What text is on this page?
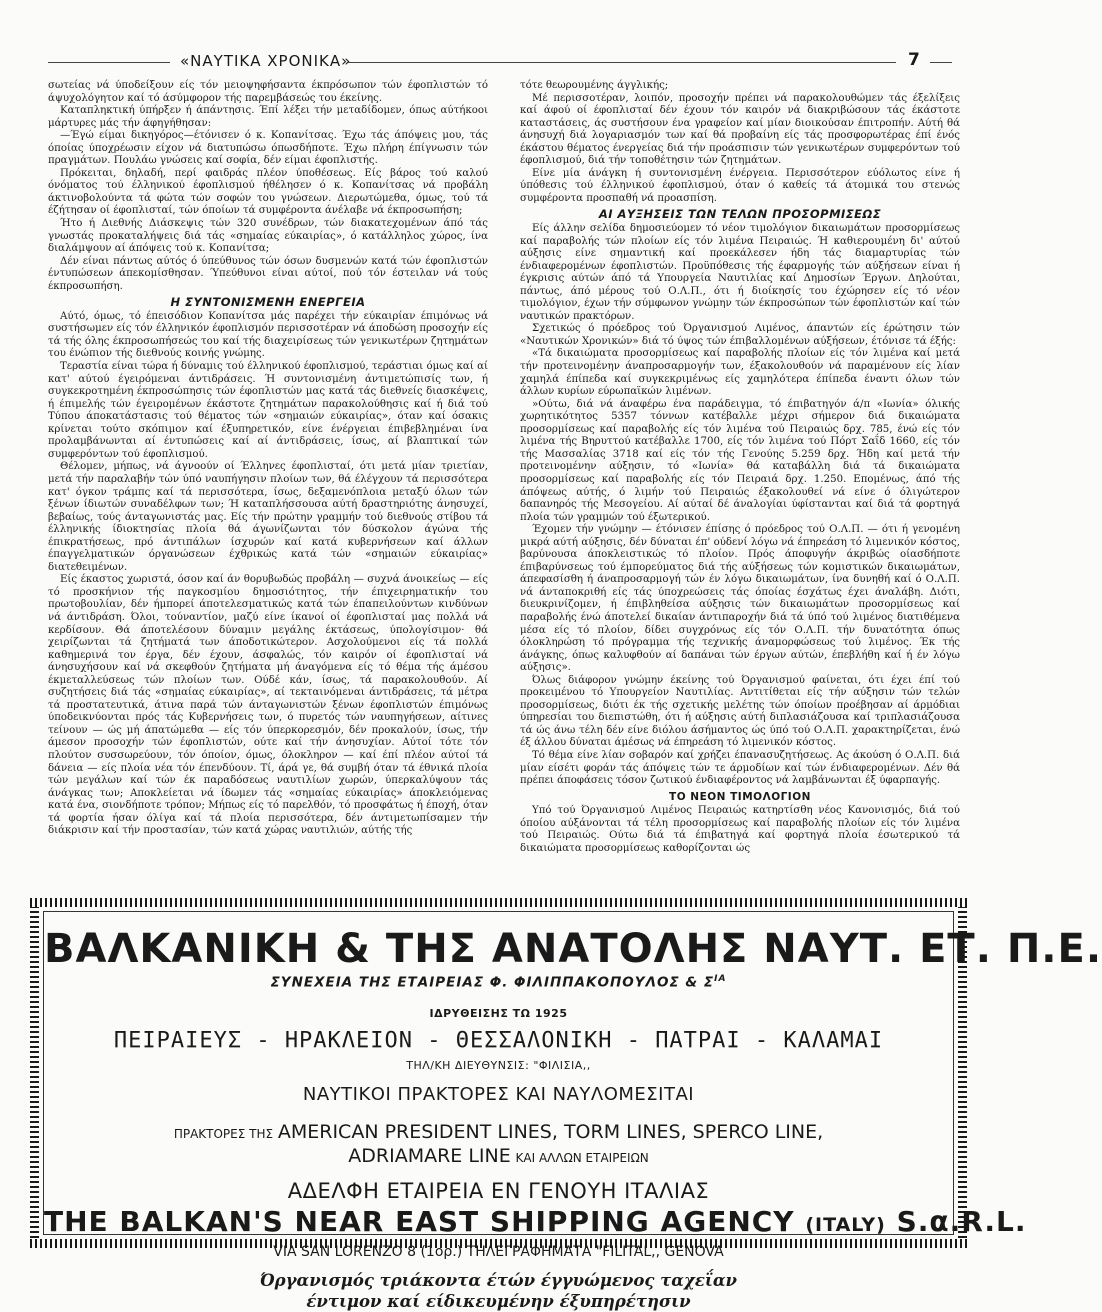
«ΝΑΥΤΙΚΑ ΧΡΟΝΙΚΑ»	7

σωτείας νά ύποδείξουν είς τόν μειοψηφήσαντα έκπρόσωπον τών έφοπλιστών τό άψυχολόγητον καί τό άσύμφορον τής παρεμβάσεώς του έκείνης.

Καταπληκτική ύπήρξεν ή άπάντησις. Έπί λέξει τήν μεταδίδομεν, όπως αύτήκοοι μάρτυρες μάς τήν άφηγήθησαν:

—Έγώ είμαι δικηγόρος—έτόνισεν ό κ. Κοπανίτσας. Έχω τάς άπόψεις μου, τάς όποίας ύποχρέωσιν είχον νά διατυπώσω όπωσδήποτε. Έχω πλήρη έπίγνωσιν τών πραγμάτων. Πουλάω γνώσεις καί σοφία, δέν είμαι έφοπλιστής.

Πρόκειται, δηλαδή, περί φαιδράς πλέον ύποθέσεως. Είς βάρος τού καλού όνόματος τού έλληνικού έφοπλισμού ήθέλησεν ό κ. Κοπανίτσας νά προβάλη άκτινοβολούντα τά φώτα τών σοφών του γνώσεων. Διερωτώμεθα, όμως, τού τά έζήτησαν οί έφοπλισταί, τών όποίων τά συμφέροντα άνέλαβε νά έκπροσωπήση;

Ήτο ή Διεθνής Διάσκεψις τών 320 συνέδρων, τών διακατεχομένων άπό τάς γνωστάς προκαταλήψεις διά τάς «σημαίας εύκαιρίας», ό κατάλληλος χώρος, ίνα διαλάμψουν αί άπόψεις τού κ. Κοπανίτσα;

Δέν είναι πάντως αύτός ό ύπεύθυνος τών όσων δυσμενών κατά τών έφοπλιστών έντυπώσεων άπεκομίσθησαν. Ύπεύθυνοι είναι αύτοί, πού τόν έστειλαν νά τούς έκπροσωπήση.

Η ΣΥΝΤΟΝΙΣΜΕΝΗ ΕΝΕΡΓΕΙΑ

Αύτό, όμως, τό έπεισόδιον Κοπανίτσα μάς παρέχει τήν εύκαιρίαν έπιμόνως νά συστήσωμεν είς τόν έλληνικόν έφοπλισμόν περισσοτέραν νά άποδώση προσοχήν είς τά τής όλης έκπροσωπήσεώς του καί τής διαχειρίσεως τών γενικωτέρων ζητημάτων του ένώπιον τής διεθνούς κοινής γνώμης.

Τεραστία είναι τώρα ή δύναμις τού έλληνικού έφοπλισμού, τεράστιαι όμως καί αί κατ' αύτού έγειρόμεναι άντιδράσεις. Ή συντονισμένη άντιμετώπισίς των, ή συγκεκροτημένη έκπροσώπησις τών έφοπλιστών μας κατά τάς διεθνείς διασκέψεις, ή έπιμελής τών έγειρομένων έκάστοτε ζητημάτων παρακολούθησις καί ή διά τού Τύπου άποκατάστασις τού θέματος τών «σημαιών εύκαιρίας», όταν καί όσακις κρίνεται τούτο σκόπιμον καί έξυπηρετικόν, είνε ένέργειαι έπιβεβλημέναι ίνα προλαμβάνωνται αί έντυπώσεις καί αί άντιδράσεις, ίσως, αί βλαπτικαί τών συμφερόντων τού έφοπλισμού.

Θέλομεν, μήπως, νά άγνοούν οί Έλληνες έφοπλισταί, ότι μετά μίαν τριετίαν, μετά τήν παραλαβήν τών ύπό ναυπήγησιν πλοίων των, θά έλέγχουν τά περισσότερα κατ' όγκον τράμπς καί τά περισσότερα, ίσως, δεξαμενόπλοια μεταξύ όλων τών ξένων ίδιωτών συναδέλφων των; Ή καταπλήσσουσα αύτή δραστηριότης άνησυχεί, βεβαίως, τούς άνταγωνιστάς μας. Είς τήν πρώτην γραμμήν τού διεθνούς στίβου τά έλληνικής ίδιοκτησίας πλοία θά άγωνίζωνται τόν δύσκολον άγώνα τής έπικρατήσεως, πρό άντιπάλων ίσχυρών καί κατά κυβερνήσεων καί άλλων έπαγγελματικών όργανώσεων έχθρικώς κατά τών «σημαιών εύκαιρίας» διατεθειμένων.

Είς έκαστος χωριστά, όσον καί άν θορυβωδώς προβάλη — συχνά άνοικείως — είς τό προσκήνιον τής παγκοσμίου δημοσιότητος, τήν έπιχειρηματικήν του πρωτοβουλίαν, δέν ήμπορεί άποτελεσματικώς κατά τών έπαπειλούντων κινδύνων νά άντιδράση. Όλοι, τούναντίον, μαζύ είνε ίκανοί οί έφοπλισταί μας πολλά νά κερδίσουν. Θά άποτελέσουν δύναμιν μεγάλης έκτάσεως, ύπολογίσιμον· θά χειρίζωνται τά ζητήματά των άποδοτικώτερον. Ασχολούμενοι είς τά πολλά καθημερινά τον έργα, δέν έχουν, άσφαλώς, τόν καιρόν οί έφοπλισταί νά άνησυχήσουν καί νά σκεφθούν ζητήματα μή άναγόμενα είς τό θέμα τής άμέσου έκμεταλλεύσεως τών πλοίων των. Ούδέ κάν, ίσως, τά παρακολουθούν. Αί συζητήσεις διά τάς «σημαίας εύκαιρίας», αί τεκταινόμεναι άντιδράσεις, τά μέτρα τά προστατευτικά, άτινα παρά τών άνταγωνιστών ξένων έφοπλιστών έπιμόνως ύποδεικνύονται πρός τάς Κυβερνήσεις των, ό πυρετός τών ναυπηγήσεων, αίτινες τείνουν — ώς μή άπατώμεθα — είς τόν ύπερκορεσμόν, δέν προκαλούν, ίσως, τήν άμεσον προσοχήν τών έφοπλιστών, ούτε καί τήν άνησυχίαν. Αύτοί τότε τόν πλούτον συσσωρεύουν, τόν όποίον, όμως, όλοκληρον — καί έπί πλέον αύτοί τά δάνεια — είς πλοία νέα τόν έπενδύουν. Τί, άρά γε, θά συμβή όταν τά έθνικά πλοία τών μεγάλων καί τών έκ παραδόσεως ναυτιλίων χωρών, ύπερκαλύψουν τάς άνάγκας των; Αποκλείεται νά ίδωμεν τάς «σημαίας εύκαιρίας» άποκλειόμενας κατά ένα, σιονδήποτε τρόπον; Μήπως είς τό παρελθόν, τό προσφάτως ή έποχή, όταν τά φορτία ήσαν όλίγα καί τά πλοία περισσότερα, δέν άντιμετωπίσαμεν τήν διάκρισιν καί τήν προστασίαν, τών κατά χώρας ναυτιλιών, αύτής τής

τότε θεωρουμένης άγγλικής;

Μέ περισσοτέραν, λοιπόν, προσοχήν πρέπει νά παρακολουθώμεν τάς έξελίξεις καί άφού οί έφοπλισταί δέν έχουν τόν καιρόν νά διακριβώσουν τάς έκάστοτε καταστάσεις, άς συστήσουν ένα γραφείον καί μίαν διοικούσαν έπιτροπήν. Αύτή θά άνησυχή διά λογαριασμόν των καί θά προβαίνη είς τάς προσφορωτέρας έπί ένός έκάστου θέματος ένεργείας διά τήν προάσπισιν τών γενικωτέρων συμφερόντων τού έφοπλισμού, διά τήν τοποθέτησιν τών ζητημάτων.

Είνε μία άνάγκη ή συντονισμένη ένέργεια. Περισσότερον εύόλωτος είνε ή ύπόθεσις τού έλληνικού έφοπλισμού, όταν ό καθείς τά άτομικά του στενώς συμφέροντα προσπαθή νά προασπίση.

ΑΙ ΑΥΞΗΣΕΙΣ ΤΩΝ ΤΕΛΩΝ ΠΡΟΣΟΡΜΙΣΕΩΣ

Είς άλλην σελίδα δημοσιεύομεν τό νέον τιμολόγιον δικαιωμάτων προσορμίσεως καί παραβολής τών πλοίων είς τόν λιμένα Πειραιώς. Ή καθιερουμένη δι' αύτού αύξησις είνε σημαντική καί προεκάλεσεν ήδη τάς διαμαρτυρίας τών ένδιαφερομένων έφοπλιστών. Προϋπόθεσις τής έφαρμογής τών αύξήσεων είναι ή έγκρισις αύτών άπό τά Υπουργεία Ναυτιλίας καί Δημοσίων Έργων. Δηλούται, πάντως, άπό μέρους τού Ο.Λ.Π., ότι ή διοίκησίς του έχώρησεν είς τό νέον τιμολόγιον, έχων τήν σύμφωνον γνώμην τών έκπροσώπων τών έφοπλιστών καί τών ναυτικών πρακτόρων.

Σχετικώς ό πρόεδρος τού Όργανισμού Λιμένος, άπαντών είς έρώτησιν τών «Ναυτικών Χρονικών» διά τό ύψος τών έπιβαλλομένων αύξήσεων, έτόνισε τά έξής:

«Τά δικαιώματα προσορμίσεως καί παραβολής πλοίων είς τόν λιμένα καί μετά τήν προτεινομένην άναπροσαρμογήν των, έξακολουθούν νά παραμένουν είς λίαν χαμηλά έπίπεδα καί συγκεκριμένως είς χαμηλότερα έπίπεδα έναντι όλων τών άλλων κυρίων εύρωπαϊκών λιμένων.

»Ούτω, διά νά άναφέρω ένα παράδειγμα, τό έπιβατηγόν ά/π «Ιωνία» όλικής χωρητικότητος 5357 τόννων κατέβαλλε μέχρι σήμερον διά δικαιώματα προσορμίσεως καί παραβολής είς τόν λιμένα τού Πειραιώς δρχ. 785, ένώ είς τόν λιμένα τής Βηρυττού κατέβαλλε 1700, είς τόν λιμένα τού Πόρτ Σαΐδ 1660, είς τόν τής Μασσαλίας 3718 καί είς τόν τής Γενούης 5.259 δρχ. Ήδη καί μετά τήν προτεινομένην αύξησιν, τό «Ιωνία» θά καταβάλλη διά τά δικαιώματα προσορμίσεως καί παραβολής είς τόν Πειραιά δρχ. 1.250. Επομένως, άπό τής άπόψεως αύτής, ό λιμήν τού Πειραιώς έξακολουθεί νά είνε ό όλιγώτερον δαπανηρός τής Μεσογείου. Αί αύταί δέ άναλογίαι ύφίστανται καί διά τά φορτηγά πλοία τών γραμμών τού έξωτερικού.

Έχομεν τήν γνώμην — έτόνισεν έπίσης ό πρόεδρος τού Ο.Λ.Π. — ότι ή γενομένη μικρά αύτή αύξησις, δέν δύναται έπ' ούδενί λόγω νά έπηρεάση τό λιμενικόν κόστος, βαρύνουσα άποκλειστικώς τό πλοίον. Πρός άποφυγήν άκριβώς οίασδήποτε έπιβαρύνσεως τού έμπορεύματος διά τής αύξήσεως τών κομιστικών δικαιωμάτων, άπεφασίσθη ή άναπροσαρμογή τών έν λόγω δικαιωμάτων, ίνα δυνηθή καί ό Ο.Λ.Π. νά άνταποκριθή είς τάς ύποχρεώσεις τάς όποίας έσχάτως έχει άναλάβη. Διότι, διευκρινίζομεν, ή έπιβληθείσα αύξησις τών δικαιωμάτων προσορμίσεως καί παραβολής ένώ άποτελεί δικαίαν άντιπαροχήν διά τά ύπό τού λιμένος διατιθέμενα μέσα είς τό πλοίον, δίδει συγχρόνως είς τόν Ο.Λ.Π. τήν δυνατότητα όπως όλοκληρώση τό πρόγραμμα τής τεχνικής άναμορφώσεως τού λιμένος. Έκ τής άνάγκης, όπως καλυφθούν αί δαπάναι τών έργων αύτών, έπεβλήθη καί ή έν λόγω αύξησις».

Όλως διάφορον γνώμην έκείνης τού Όργανισμού φαίνεται, ότι έχει έπί τού προκειμένου τό Υπουργείον Ναυτιλίας. Αντιτίθεται είς τήν αύξησιν τών τελών προσορμίσεως, διότι έκ τής σχετικής μελέτης τών όποίων προέβησαν αί άρμόδιαι ύπηρεσίαι του διεπιστώθη, ότι ή αύξησις αύτή διπλασιάζουσα καί τριπλασιάζουσα τά ώς άνω τέλη δέν είνε διόλου άσήμαντος ώς ύπό τού Ο.Λ.Π. χαρακτηρίζεται, ένώ έξ άλλου δύναται άμέσως νά έπηρεάση τό λιμενικόν κόστος.

Τό θέμα είνε λίαν σοβαρόν καί χρήζει έπανασυζητήσεως. Ας άκούση ό Ο.Λ.Π. διά μίαν είσέτι φοράν τάς άπόψεις τών τε άρμοδίων καί τών ένδιαφερομένων. Δέν θά πρέπει άποφάσεις τόσον ζωτικού ένδιαφέροντος νά λαμβάνωνται έξ ύφαρπαγής.

ΤΟ ΝΕΟΝ ΤΙΜΟΛΟΓΙΟΝ

Υπό τού Όργανισμού Λιμένος Πειραιώς κατηρτίσθη νέος Κανονισμός, διά τού όποίου αύξάνονται τά τέλη προσορμίσεως καί παραβολής πλοίων είς τόν λιμένα τού Πειραιώς. Ούτω διά τά έπιβατηγά καί φορτηγά πλοία έσωτερικού τά δικαιώματα προσορμίσεως καθορίζονται ώς

ΒΑΛΚΑΝΙΚΗ & ΤΗΣ ΑΝΑΤΟΛΗΣ ΝΑΥΤ. ΕΤ. Π.Ε.
ΣΥΝΕΧΕΙΑ ΤΗΣ ΕΤΑΙΡΕΙΑΣ Φ. ΦΙΛΙΠΠΑΚΟΠΟΥΛΟΣ & $\Sigma^{IA}$
ΙΔΡΥΘΕΙΣΗΣ ΤΩ 1925
ΠΕΙΡΑΙΕΥΣ - ΗΡΑΚΛΕΙΟΝ - ΘΕΣΣΑΛΟΝΙΚΗ - ΠΑΤΡΑΙ - ΚΑΛΑΜΑΙ
ΤΗΛ/ΚΗ ΔΙΕΥΘΥΝΣΙΣ: "ΦΙΛΙΣΙΑ,,
ΝΑΥΤΙΚΟΙ ΠΡΑΚΤΟΡΕΣ ΚΑΙ ΝΑΥΛΟΜΕΣΙΤΑΙ
ΠΡΑΚΤΟΡΕΣ ΤΗΣ AMERICAN PRESIDENT LINES, TORM LINES, SPERCO LINE,
ADRIAMARE LINE ΚΑΙ ΑΛΛΩΝ ΕΤΑΙΡΕΙΩΝ
ΑΔΕΛΦΗ ΕΤΑΙΡΕΙΑ ΕΝ ΓΕΝΟΥΗ ΙΤΑΛΙΑΣ
THE BALKAN'S NEAR EAST SHIPPING AGENCY (ITALY) S.α.R.L.
VIA SAN LORENZO 8 (1ορ.) ΤΗΛΕΓΡΑΦΗΜΑΤΑ "FILITAL,, GENOVA
Όργανισμός τριάκοντα έτών έγγυώμενος ταχεΐαν
έντιμον καί είδικευμένην έξυπηρέτησιν
